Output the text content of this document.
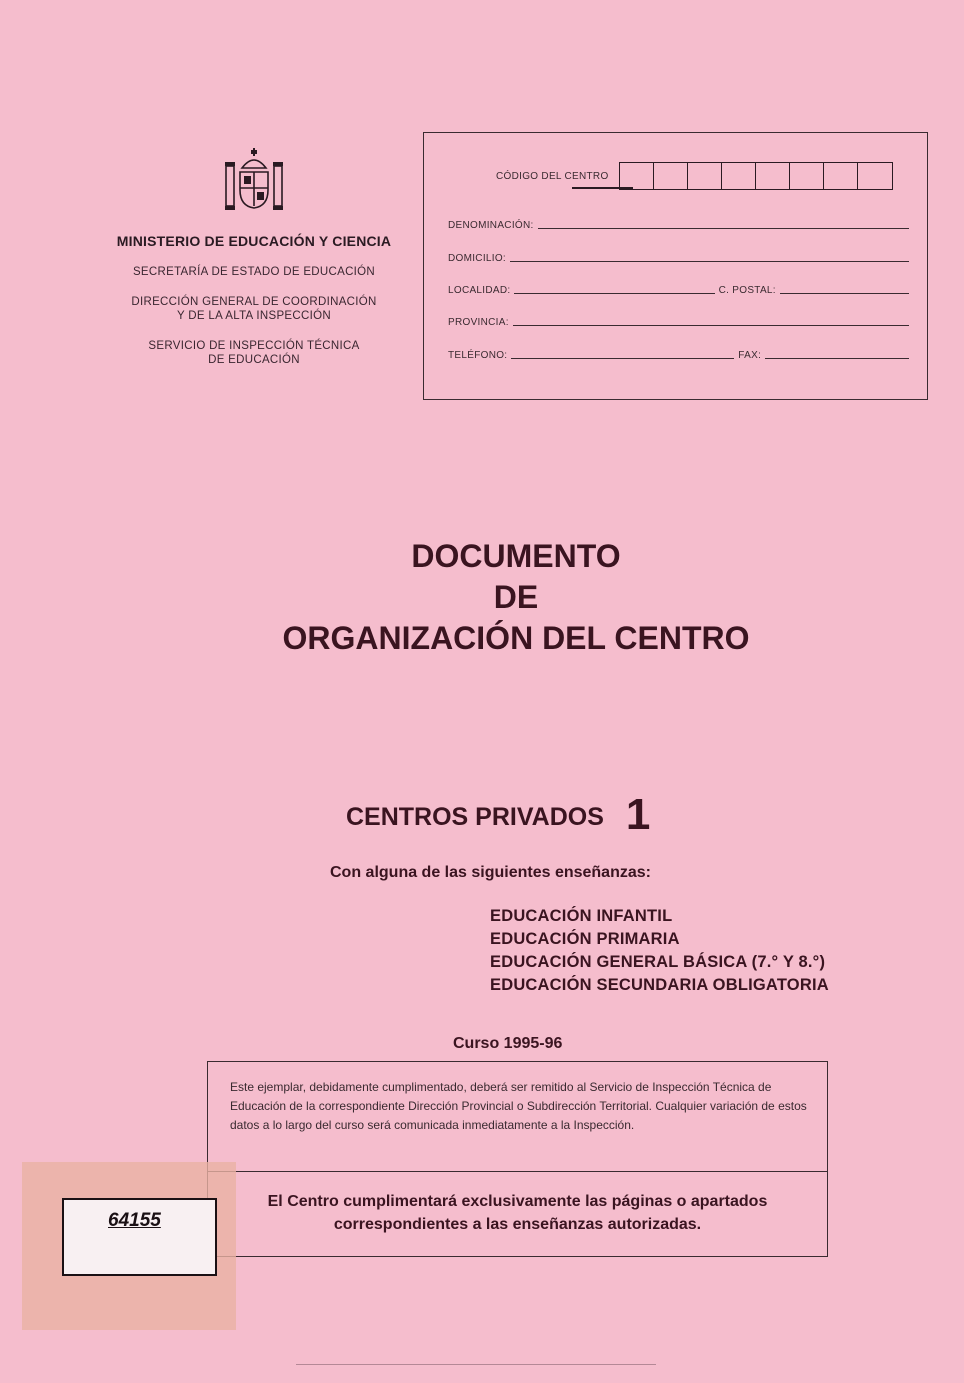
MINISTERIO DE EDUCACIÓN Y CIENCIA
SECRETARÍA DE ESTADO DE EDUCACIÓN
DIRECCIÓN GENERAL DE COORDINACIÓN
Y DE LA ALTA INSPECCIÓN
SERVICIO DE INSPECCIÓN TÉCNICA
DE EDUCACIÓN
CÓDIGO DEL CENTRO
DENOMINACIÓN:
DOMICILIO:
LOCALIDAD:	C. POSTAL:
PROVINCIA:
TELÉFONO:	FAX:
DOCUMENTO
DE
ORGANIZACIÓN DEL CENTRO
CENTROS PRIVADOS 1
Con alguna de las siguientes enseñanzas:
EDUCACIÓN INFANTIL
EDUCACIÓN PRIMARIA
EDUCACIÓN GENERAL BÁSICA (7.° Y 8.°)
EDUCACIÓN SECUNDARIA OBLIGATORIA
Curso 1995-96
Este ejemplar, debidamente cumplimentado, deberá ser remitido al Servicio de Inspección Técnica de Educación de la correspondiente Dirección Provincial o Subdirección Territorial. Cualquier variación de estos datos a lo largo del curso será comunicada inmediatamente a la Inspección.
El Centro cumplimentará exclusivamente las páginas o apartados correspondientes a las enseñanzas autorizadas.
64155
